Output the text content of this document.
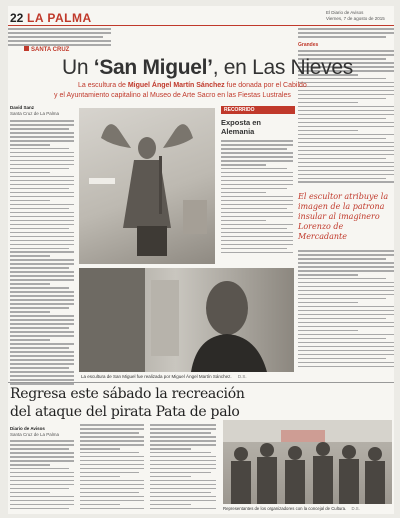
22 LA PALMA	El Diario de Avisos
Viernes, 7 de agosto de 2015
Grandes
SANTA CRUZ
Un ‘San Miguel’, en Las Nieves
La escultura de Miguel Ángel Martín Sánchez fue donada por el Cabildo
y el Ayuntamiento capitalino al Museo de Arte Sacro en las Fiestas Lustrales
David Sanz
Santa Cruz de La Palma
RECORRIDO
Exposta en Alemania
El escultor atribuye la imagen de la patrona insular al imaginero Lorenzo de Mercadante
La escultura de San Miguel fue realizada por Miguel Ángel Martín Sánchez. D.S.
Regresa este sábado la recreación
del ataque del pirata Pata de palo
Diario de Avisos
Santa Cruz de La Palma
Representantes de los organizadores con la concejal de Cultura. D.S.
